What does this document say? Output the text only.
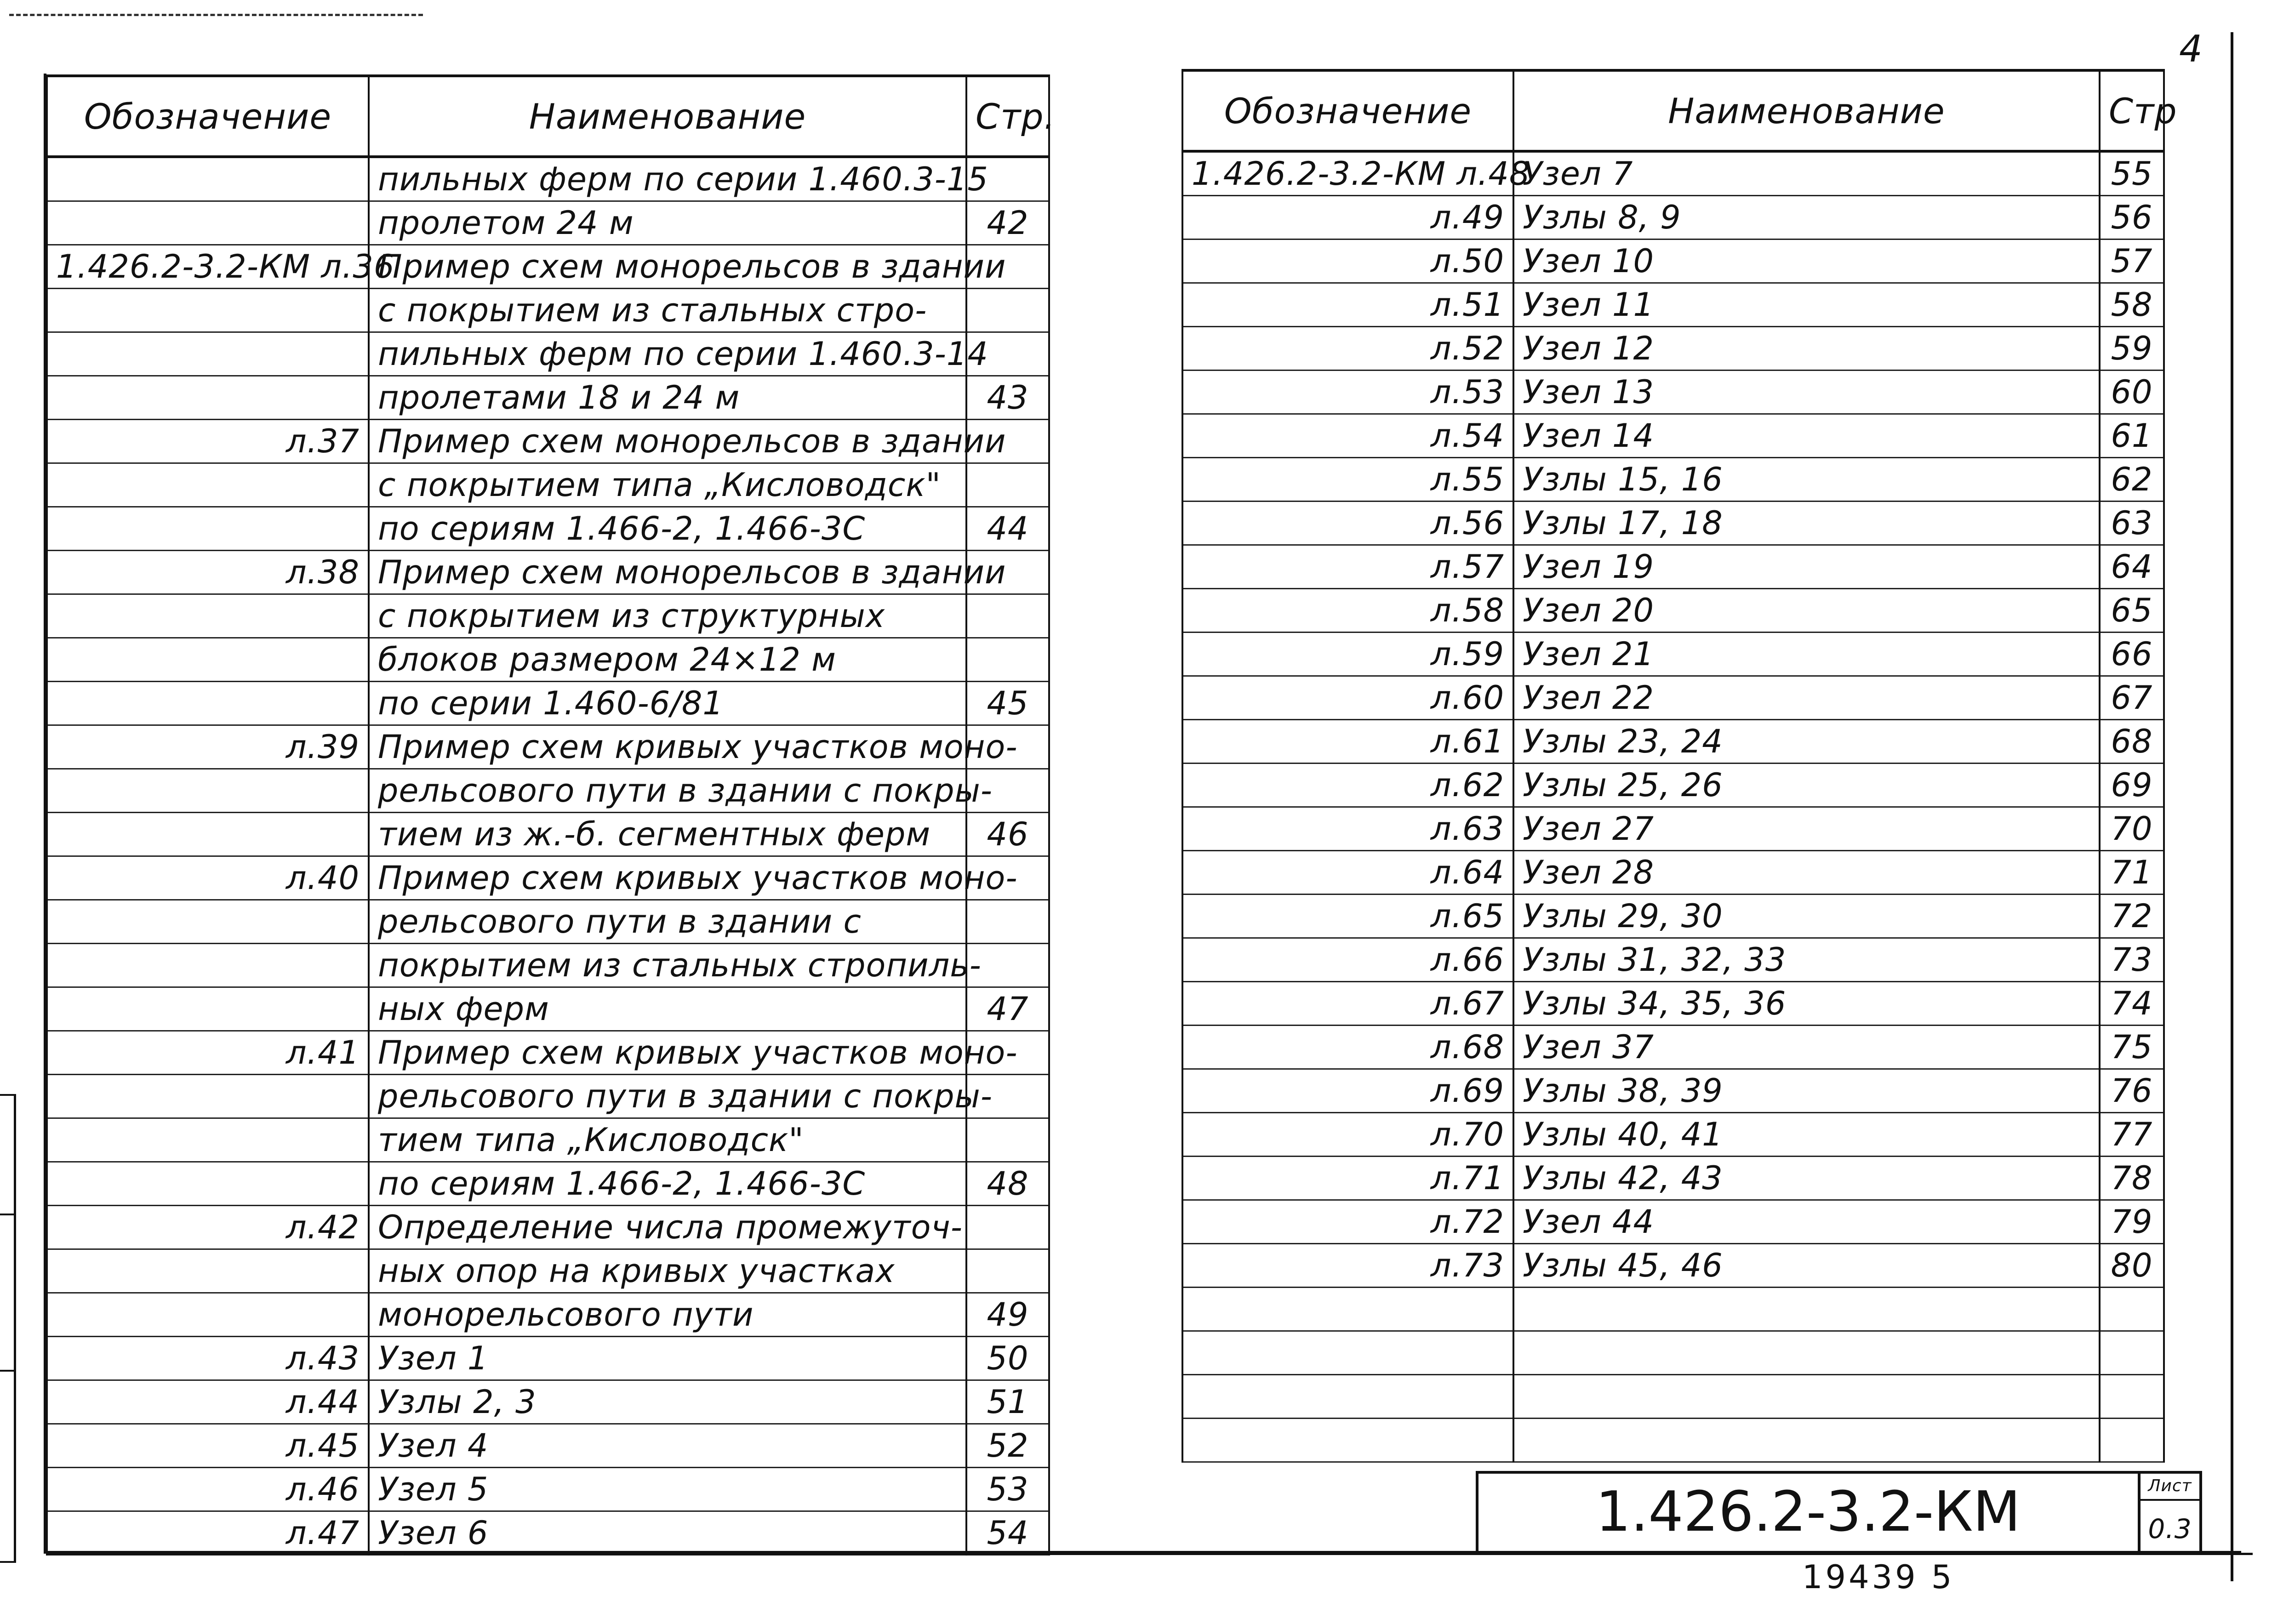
4
Обозначение	Наименование	Стр.
	пильных ферм по серии 1.460.3-15	
	пролетом 24 м	42
1.426.2-3.2-КМ л.36	Пример схем монорельсов в здании	
	с покрытием из стальных стро-	
	пильных ферм по серии 1.460.3-14	
	пролетами 18 и 24 м	43
л.37	Пример схем монорельсов в здании	
	с покрытием типа „Кисловодск"	
	по сериям 1.466-2, 1.466-3С	44
л.38	Пример схем монорельсов в здании	
	с покрытием из структурных	
	блоков размером 24×12 м	
	по серии 1.460-6/81	45
л.39	Пример схем кривых участков моно-	
	рельсового пути в здании с покры-	
	тием из ж.-б. сегментных ферм	46
л.40	Пример схем кривых участков моно-	
	рельсового пути в здании с	
	покрытием из стальных стропиль-	
	ных ферм	47
л.41	Пример схем кривых участков моно-	
	рельсового пути в здании с покры-	
	тием типа „Кисловодск"	
	по сериям 1.466-2, 1.466-3С	48
л.42	Определение числа промежуточ-	
	ных опор на кривых участках	
	монорельсового пути	49
л.43	Узел 1	50
л.44	Узлы 2, 3	51
л.45	Узел 4	52
л.46	Узел 5	53
л.47	Узел 6	54
Обозначение	Наименование	Стр
1.426.2-3.2-КМ л.48	Узел 7	55
л.49	Узлы 8, 9	56
л.50	Узел 10	57
л.51	Узел 11	58
л.52	Узел 12	59
л.53	Узел 13	60
л.54	Узел 14	61
л.55	Узлы 15, 16	62
л.56	Узлы 17, 18	63
л.57	Узел 19	64
л.58	Узел 20	65
л.59	Узел 21	66
л.60	Узел 22	67
л.61	Узлы 23, 24	68
л.62	Узлы 25, 26	69
л.63	Узел 27	70
л.64	Узел 28	71
л.65	Узлы 29, 30	72
л.66	Узлы 31, 32, 33	73
л.67	Узлы 34, 35, 36	74
л.68	Узел 37	75
л.69	Узлы 38, 39	76
л.70	Узлы 40, 41	77
л.71	Узлы 42, 43	78
л.72	Узел 44	79
л.73	Узлы 45, 46	80

1.426.2-3.2-КМ	Лист
0.3
19439 5
